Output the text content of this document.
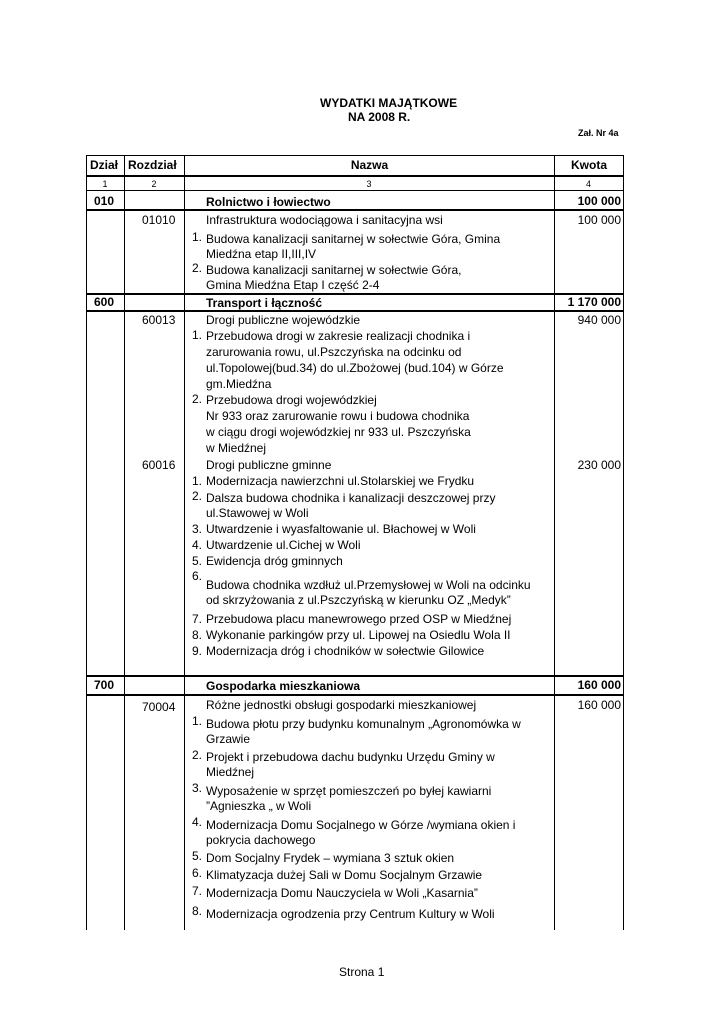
WYDATKI MAJĄTKOWE
NA 2008 R.
Zał. Nr 4a
Dział Rozdział	Nazwa	Kwota
1	2	3	4
010	Rolnictwo i łowiectwo	100 000
01010	Infrastruktura wodociągowa i sanitacyjna wsi	100 000
1. Budowa kanalizacji sanitarnej w sołectwie Góra, Gmina
Miedźna etap II,III,IV
2. Budowa kanalizacji sanitarnej w sołectwie Góra,
Gmina Miedźna Etap I część 2-4
600	Transport i łączność	1 170 000
60013	Drogi publiczne wojewódzkie	940 000
1. Przebudowa drogi w zakresie realizacji chodnika i
zarurowania rowu, ul.Pszczyńska na odcinku od
ul.Topolowej(bud.34) do ul.Zbożowej (bud.104) w Górze
gm.Miedźna
2. Przebudowa drogi wojewódzkiej
Nr 933 oraz zarurowanie rowu i budowa chodnika
w ciągu drogi wojewódzkiej nr 933 ul. Pszczyńska
w Miedźnej
60016	Drogi publiczne gminne	230 000
1. Modernizacja nawierzchni ul.Stolarskiej we Frydku
2. Dalsza budowa chodnika i kanalizacji deszczowej przy
ul.Stawowej w Woli
3. Utwardzenie i wyasfaltowanie ul. Błachowej w Woli
4. Utwardzenie ul.Cichej w Woli
5. Ewidencja dróg gminnych
6.
Budowa chodnika wzdłuż ul.Przemysłowej w Woli na odcinku
od skrzyżowania z ul.Pszczyńską w kierunku OZ „Medyk”
7. Przebudowa placu manewrowego przed OSP w Miedźnej
8. Wykonanie parkingów przy ul. Lipowej na Osiedlu Wola II
9. Modernizacja dróg i chodników w sołectwie Gilowice
700	Gospodarka mieszkaniowa	160 000
70004	Różne jednostki obsługi gospodarki mieszkaniowej	160 000
1. Budowa płotu przy budynku komunalnym „Agronomówka w
Grzawie
2. Projekt i przebudowa dachu budynku Urzędu Gminy w
Miedźnej
3. Wyposażenie w sprzęt pomieszczeń po byłej kawiarni
”Agnieszka „ w Woli
4. Modernizacja Domu Socjalnego w Górze /wymiana okien i
pokrycia dachowego
5. Dom Socjalny Frydek – wymiana 3 sztuk okien
6. Klimatyzacja dużej Sali w Domu Socjalnym Grzawie
7. Modernizacja Domu Nauczyciela w Woli „Kasarnia”
8. Modernizacja ogrodzenia przy Centrum Kultury w Woli
Strona 1
